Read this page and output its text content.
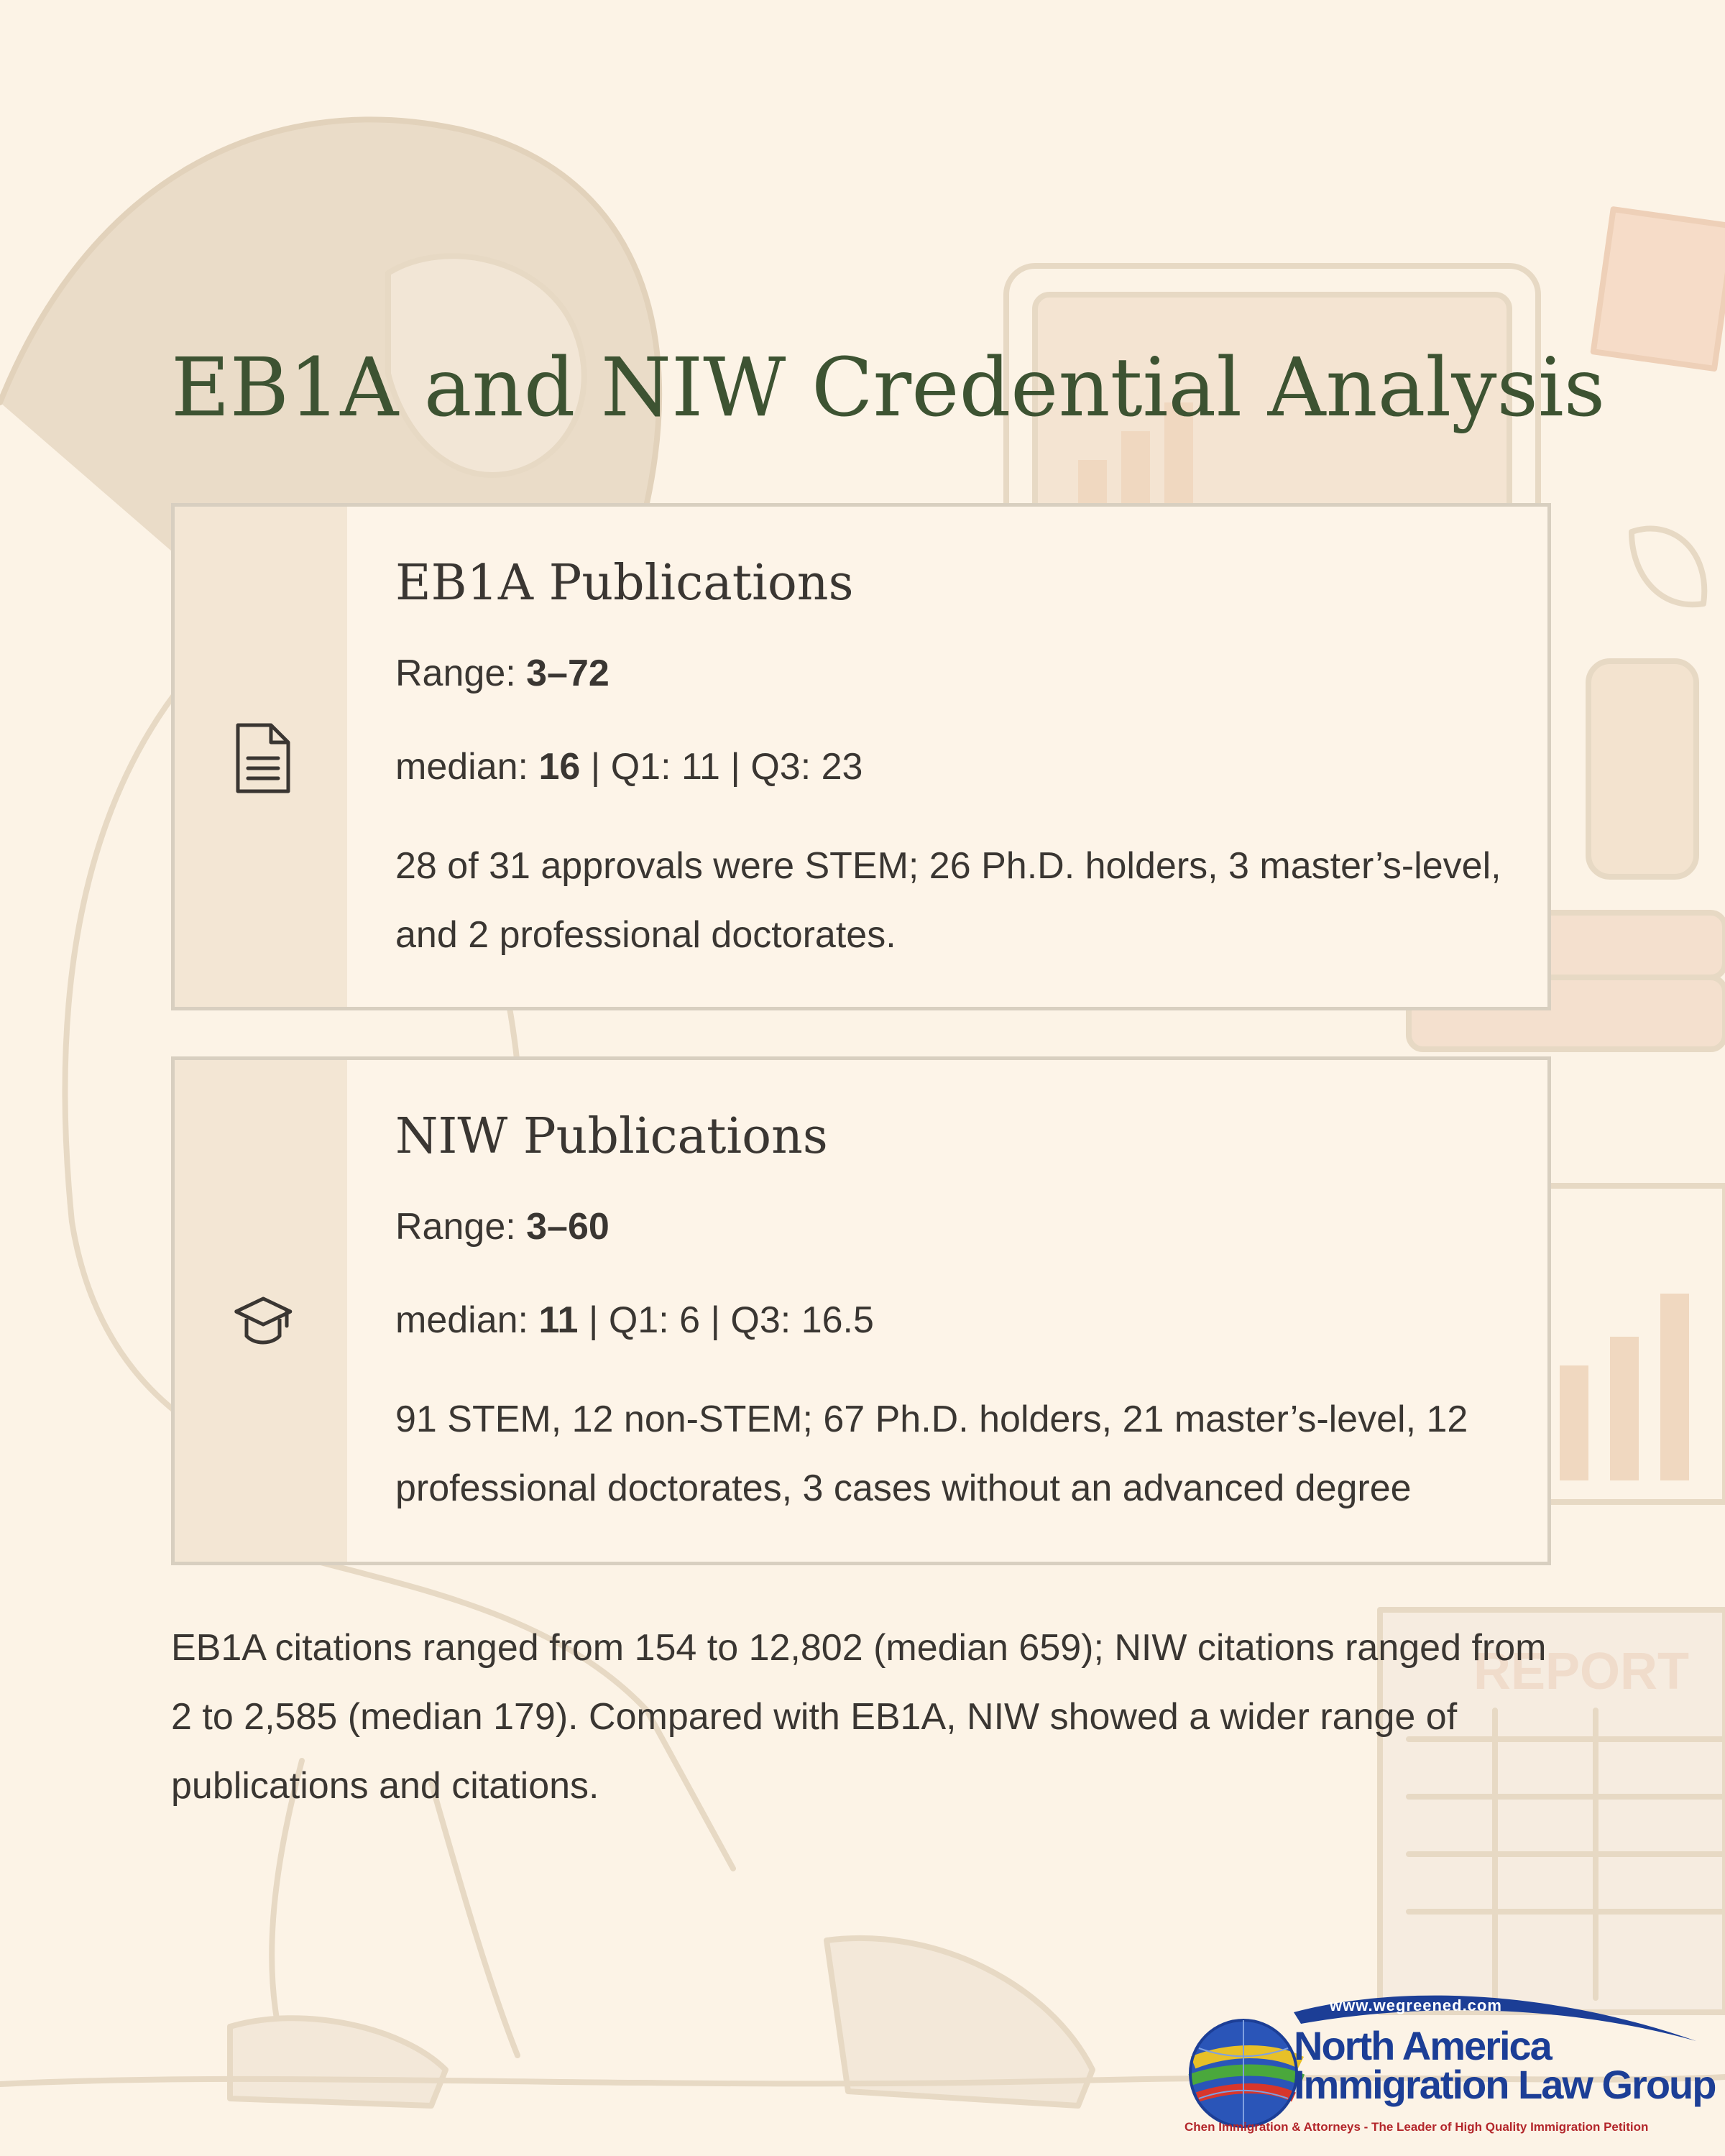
REPORT
EB1A and NIW Credential Analysis
EB1A Publications

Range: 3–72

median: 16 | Q1: 11 | Q3: 23

28 of 31 approvals were STEM; 26 Ph.D. holders, 3 master’s-level, and 2 professional doctorates.

NIW Publications

Range: 3–60

median: 11 | Q1: 6 | Q3: 16.5

91 STEM, 12 non-STEM; 67 Ph.D. holders, 21 master’s-level, 12 professional doctorates, 3 cases without an advanced degree

EB1A citations ranged from 154 to 12,802 (median 659); NIW citations ranged from 2 to 2,585 (median 179). Compared with EB1A, NIW showed a wider range of publications and citations.

www.wegreened.com

North America
Immigration Law Group

Chen Immigration & Attorneys - The Leader of High Quality Immigration Petition
